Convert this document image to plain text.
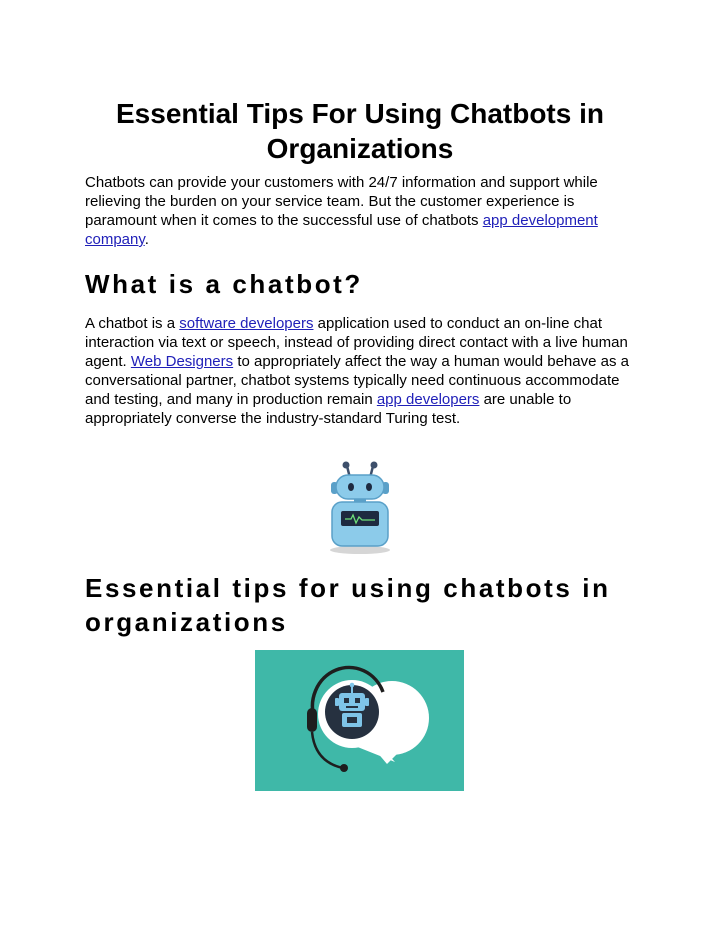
Essential Tips For Using Chatbots in Organizations

Chatbots can provide your customers with 24/7 information and support while relieving the burden on your service team. But the customer experience is paramount when it comes to the successful use of chatbots app development company.

What is a chatbot?

A chatbot is a software developers application used to conduct an on-line chat interaction via text or speech, instead of providing direct contact with a live human agent. Web Designers to appropriately affect the way a human would behave as a conversational partner, chatbot systems typically need continuous accommodate and testing, and many in production remain app developers are unable to appropriately converse the industry-standard Turing test.

Essential tips for using chatbots in organizations
